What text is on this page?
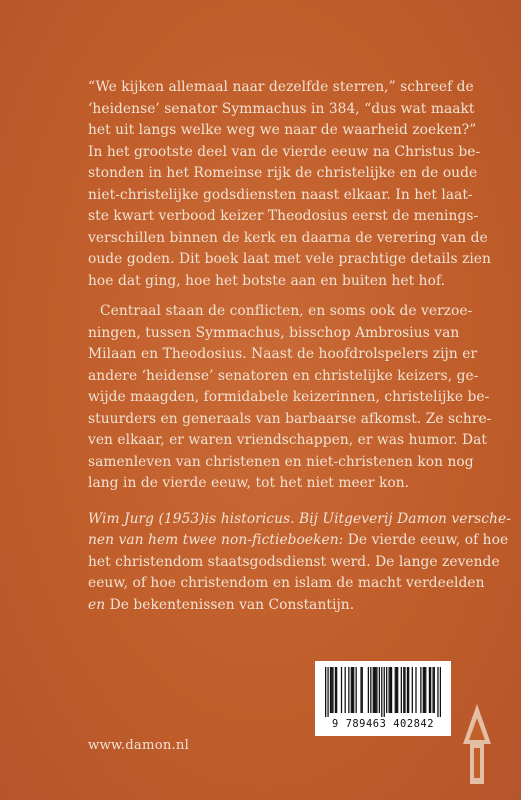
“We kijken allemaal naar dezelfde sterren,” schreef de
‘heidense’ senator Symmachus in 384, “dus wat maakt
het uit langs welke weg we naar de waarheid zoeken?”
In het grootste deel van de vierde eeuw na Christus be-
stonden in het Romeinse rijk de christelijke en de oude
niet-christelijke godsdiensten naast elkaar. In het laat-
ste kwart verbood keizer Theodosius eerst de menings-
verschillen binnen de kerk en daarna de verering van de
oude goden. Dit boek laat met vele prachtige details zien
hoe dat ging, hoe het botste aan en buiten het hof.
Centraal staan de conflicten, en soms ook de verzoe-
ningen, tussen Symmachus, bisschop Ambrosius van
Milaan en Theodosius. Naast de hoofdrolspelers zijn er
andere ‘heidense’ senatoren en christelijke keizers, ge-
wijde maagden, formidabele keizerinnen, christelijke be-
stuurders en generaals van barbaarse afkomst. Ze schre-
ven elkaar, er waren vriendschappen, er was humor. Dat
samenleven van christenen en niet-christenen kon nog
lang in de vierde eeuw, tot het niet meer kon.
Wim Jurg (1953)is historicus. Bij Uitgeverij Damon versche-
nen van hem twee non-fictieboeken: De vierde eeuw, of hoe
het christendom staatsgodsdienst werd. De lange zevende
eeuw, of hoe christendom en islam de macht verdeelden
en De bekentenissen van Constantijn.
www.damon.nl
9 789463 402842
